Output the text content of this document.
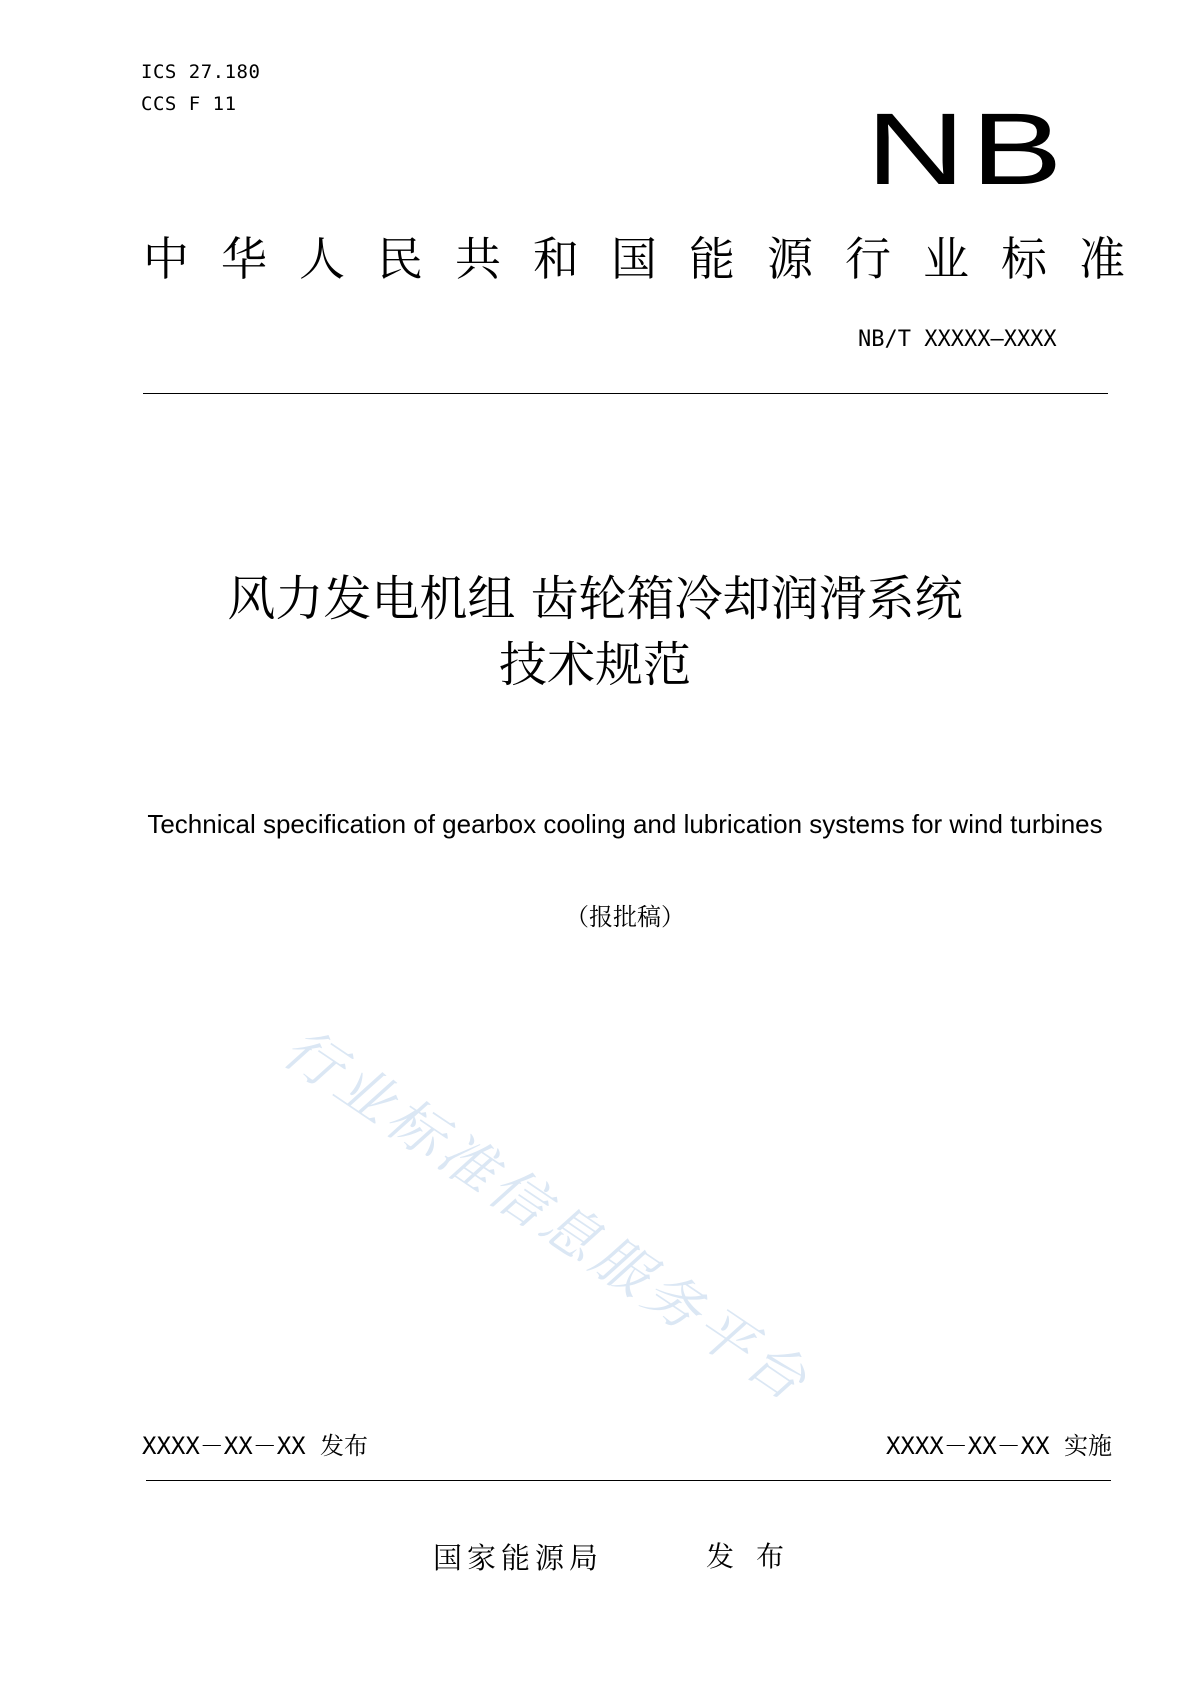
ICS 27.180
CCS F 11	NB
中华人民共和国能源行业标准
NB/T XXXXX—XXXX
风力发电机组 齿轮箱冷却润滑系统
技术规范
Technical specification of gearbox cooling and lubrication systems for wind turbines
（报批稿）
行业标准信息服务平台
XXXX－XX－XX 发布	XXXX－XX－XX 实施
国家能源局	发布
